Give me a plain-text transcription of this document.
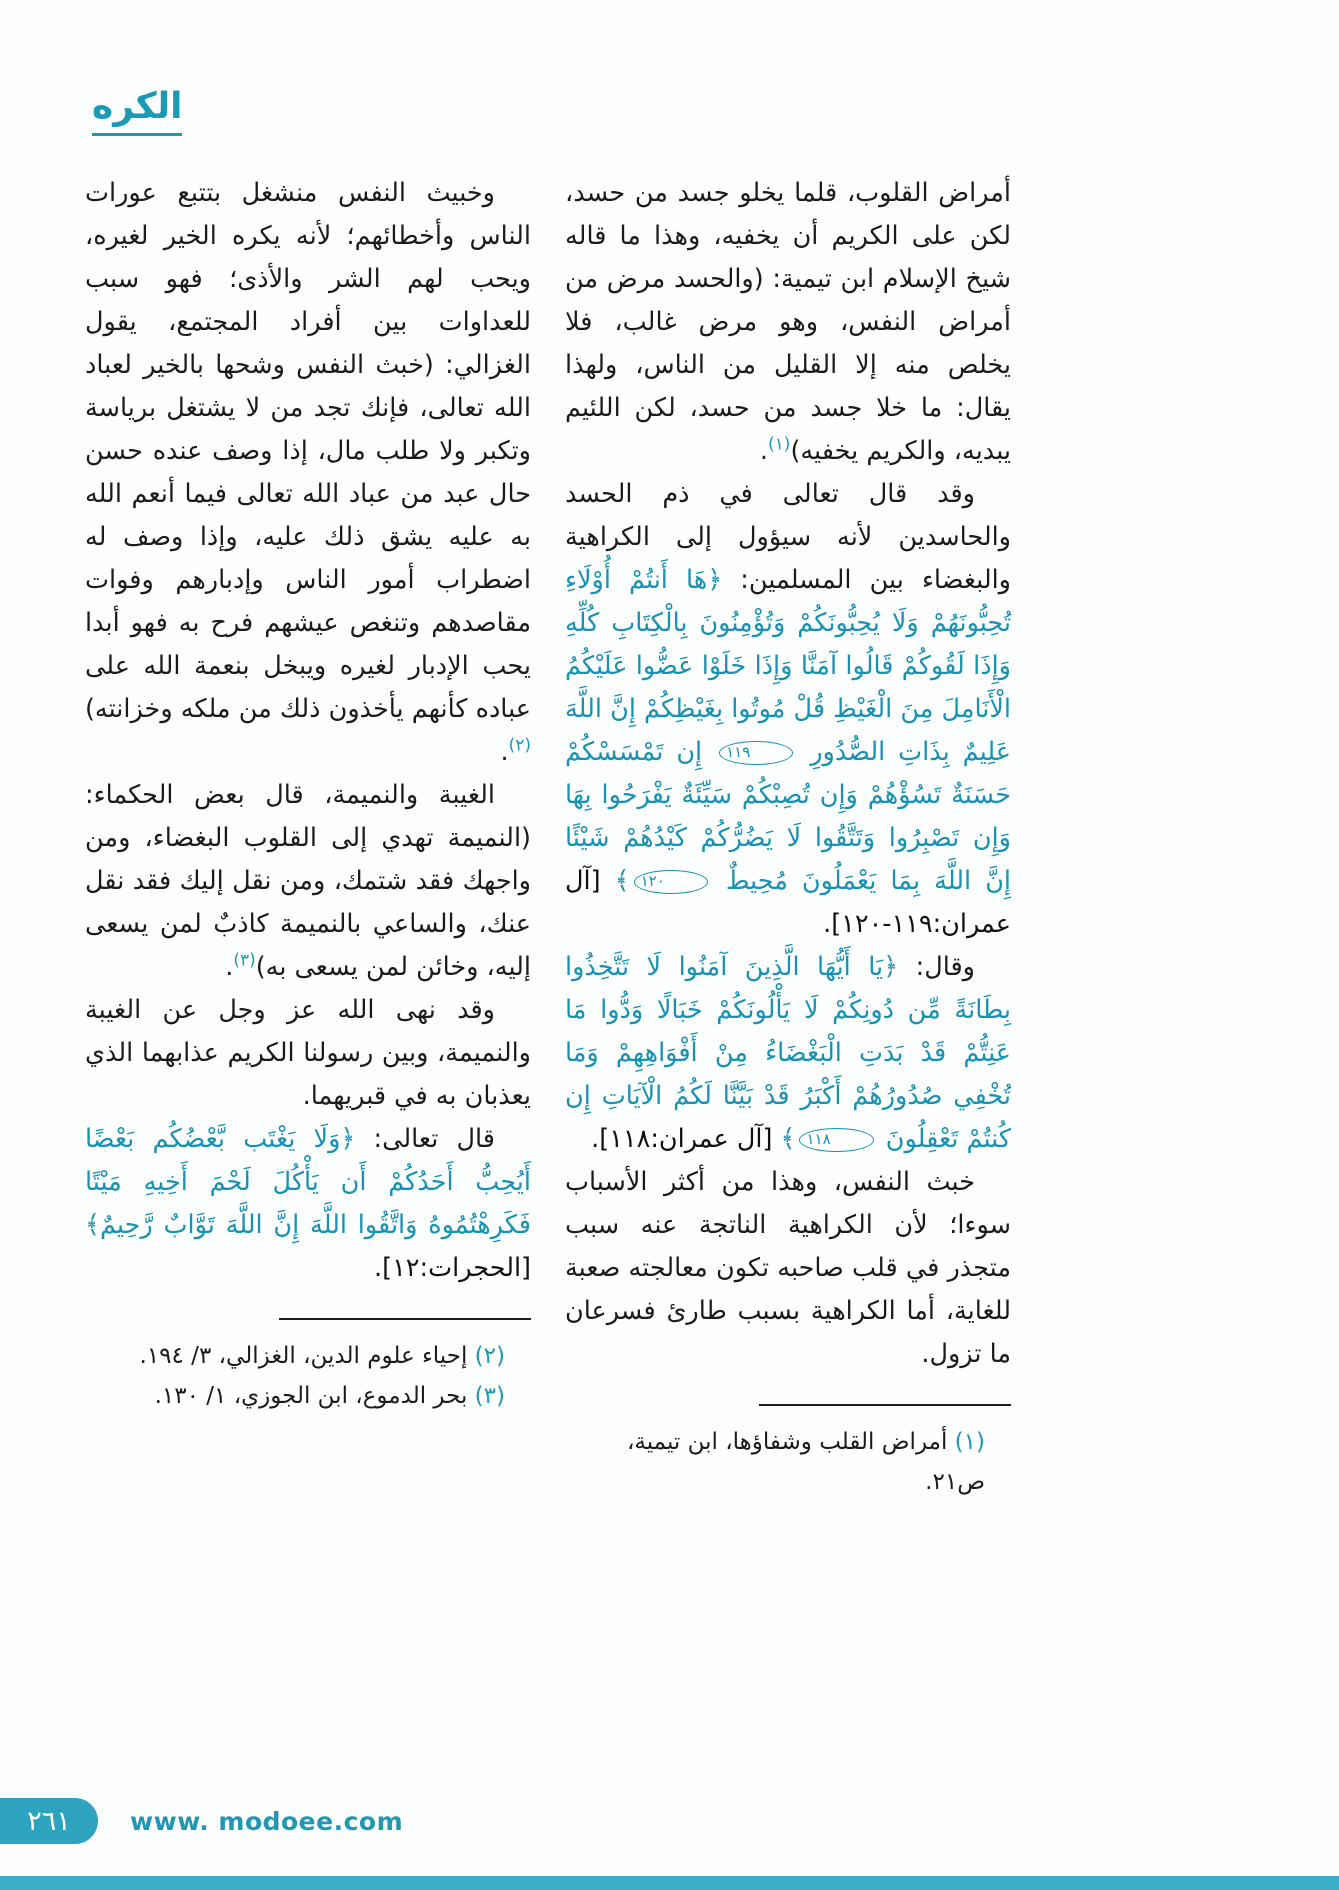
الكره

أمراض القلوب، قلما يخلو جسد من حسد، لكن على الكريم أن يخفيه، وهذا ما قاله شيخ الإسلام ابن تيمية: (والحسد مرض من أمراض النفس، وهو مرض غالب، فلا يخلص منه إلا القليل من الناس، ولهذا يقال: ما خلا جسد من حسد، لكن اللئيم يبديه، والكريم يخفيه)$^{(١)}$.

وقد قال تعالى في ذم الحسد والحاسدين لأنه سيؤول إلى الكراهية والبغضاء بين المسلمين: ﴿هَا أَنتُمْ أُوْلَاءِ تُحِبُّونَهُمْ وَلَا يُحِبُّونَكُمْ وَتُؤْمِنُونَ بِالْكِتَابِ كُلِّهِ وَإِذَا لَقُوكُمْ قَالُوا آمَنَّا وَإِذَا خَلَوْا عَضُّوا عَلَيْكُمُ الْأَنَامِلَ مِنَ الْغَيْظِ قُلْ مُوتُوا بِغَيْظِكُمْ إِنَّ اللَّهَ عَلِيمٌ بِذَاتِ الصُّدُورِ ١١٩ إِن تَمْسَسْكُمْ حَسَنَةٌ تَسُؤْهُمْ وَإِن تُصِبْكُمْ سَيِّئَةٌ يَفْرَحُوا بِهَا وَإِن تَصْبِرُوا وَتَتَّقُوا لَا يَضُرُّكُمْ كَيْدُهُمْ شَيْئًا إِنَّ اللَّهَ بِمَا يَعْمَلُونَ مُحِيطٌ ١٢٠﴾ [آل عمران:١١٩-١٢٠].

وقال: ﴿يَا أَيُّهَا الَّذِينَ آمَنُوا لَا تَتَّخِذُوا بِطَانَةً مِّن دُونِكُمْ لَا يَأْلُونَكُمْ خَبَالًا وَدُّوا مَا عَنِتُّمْ قَدْ بَدَتِ الْبَغْضَاءُ مِنْ أَفْوَاهِهِمْ وَمَا تُخْفِي صُدُورُهُمْ أَكْبَرُ قَدْ بَيَّنَّا لَكُمُ الْآيَاتِ إِن كُنتُمْ تَعْقِلُونَ ١١٨﴾ [آل عمران:١١٨].

خبث النفس، وهذا من أكثر الأسباب سوءا؛ لأن الكراهية الناتجة عنه سبب متجذر في قلب صاحبه تكون معالجته صعبة للغاية، أما الكراهية بسبب طارئ فسرعان ما تزول.

(١) أمراض القلب وشفاؤها، ابن تيمية، ص٢١.

وخبيث النفس منشغل بتتبع عورات الناس وأخطائهم؛ لأنه يكره الخير لغيره، ويحب لهم الشر والأذى؛ فهو سبب للعداوات بين أفراد المجتمع، يقول الغزالي: (خبث النفس وشحها بالخير لعباد الله تعالى، فإنك تجد من لا يشتغل برياسة وتكبر ولا طلب مال، إذا وصف عنده حسن حال عبد من عباد الله تعالى فيما أنعم الله به عليه يشق ذلك عليه، وإذا وصف له اضطراب أمور الناس وإدبارهم وفوات مقاصدهم وتنغص عيشهم فرح به فهو أبدا يحب الإدبار لغيره ويبخل بنعمة الله على عباده كأنهم يأخذون ذلك من ملكه وخزانته)$^{(٢)}$.

الغيبة والنميمة، قال بعض الحكماء: (النميمة تهدي إلى القلوب البغضاء، ومن واجهك فقد شتمك، ومن نقل إليك فقد نقل عنك، والساعي بالنميمة كاذبٌ لمن يسعى إليه، وخائن لمن يسعى به)$^{(٣)}$.

وقد نهى الله عز وجل عن الغيبة والنميمة، وبين رسولنا الكريم عذابهما الذي يعذبان به في قبريهما.

قال تعالى: ﴿وَلَا يَغْتَب بَّعْضُكُم بَعْضًا أَيُحِبُّ أَحَدُكُمْ أَن يَأْكُلَ لَحْمَ أَخِيهِ مَيْتًا فَكَرِهْتُمُوهُ وَاتَّقُوا اللَّهَ إِنَّ اللَّهَ تَوَّابٌ رَّحِيمٌ﴾ [الحجرات:١٢].

(٢) إحياء علوم الدين، الغزالي، ٣/ ١٩٤.
(٣) بحر الدموع، ابن الجوزي، ١/ ١٣٠.
٢٦١ www. modoee.com
